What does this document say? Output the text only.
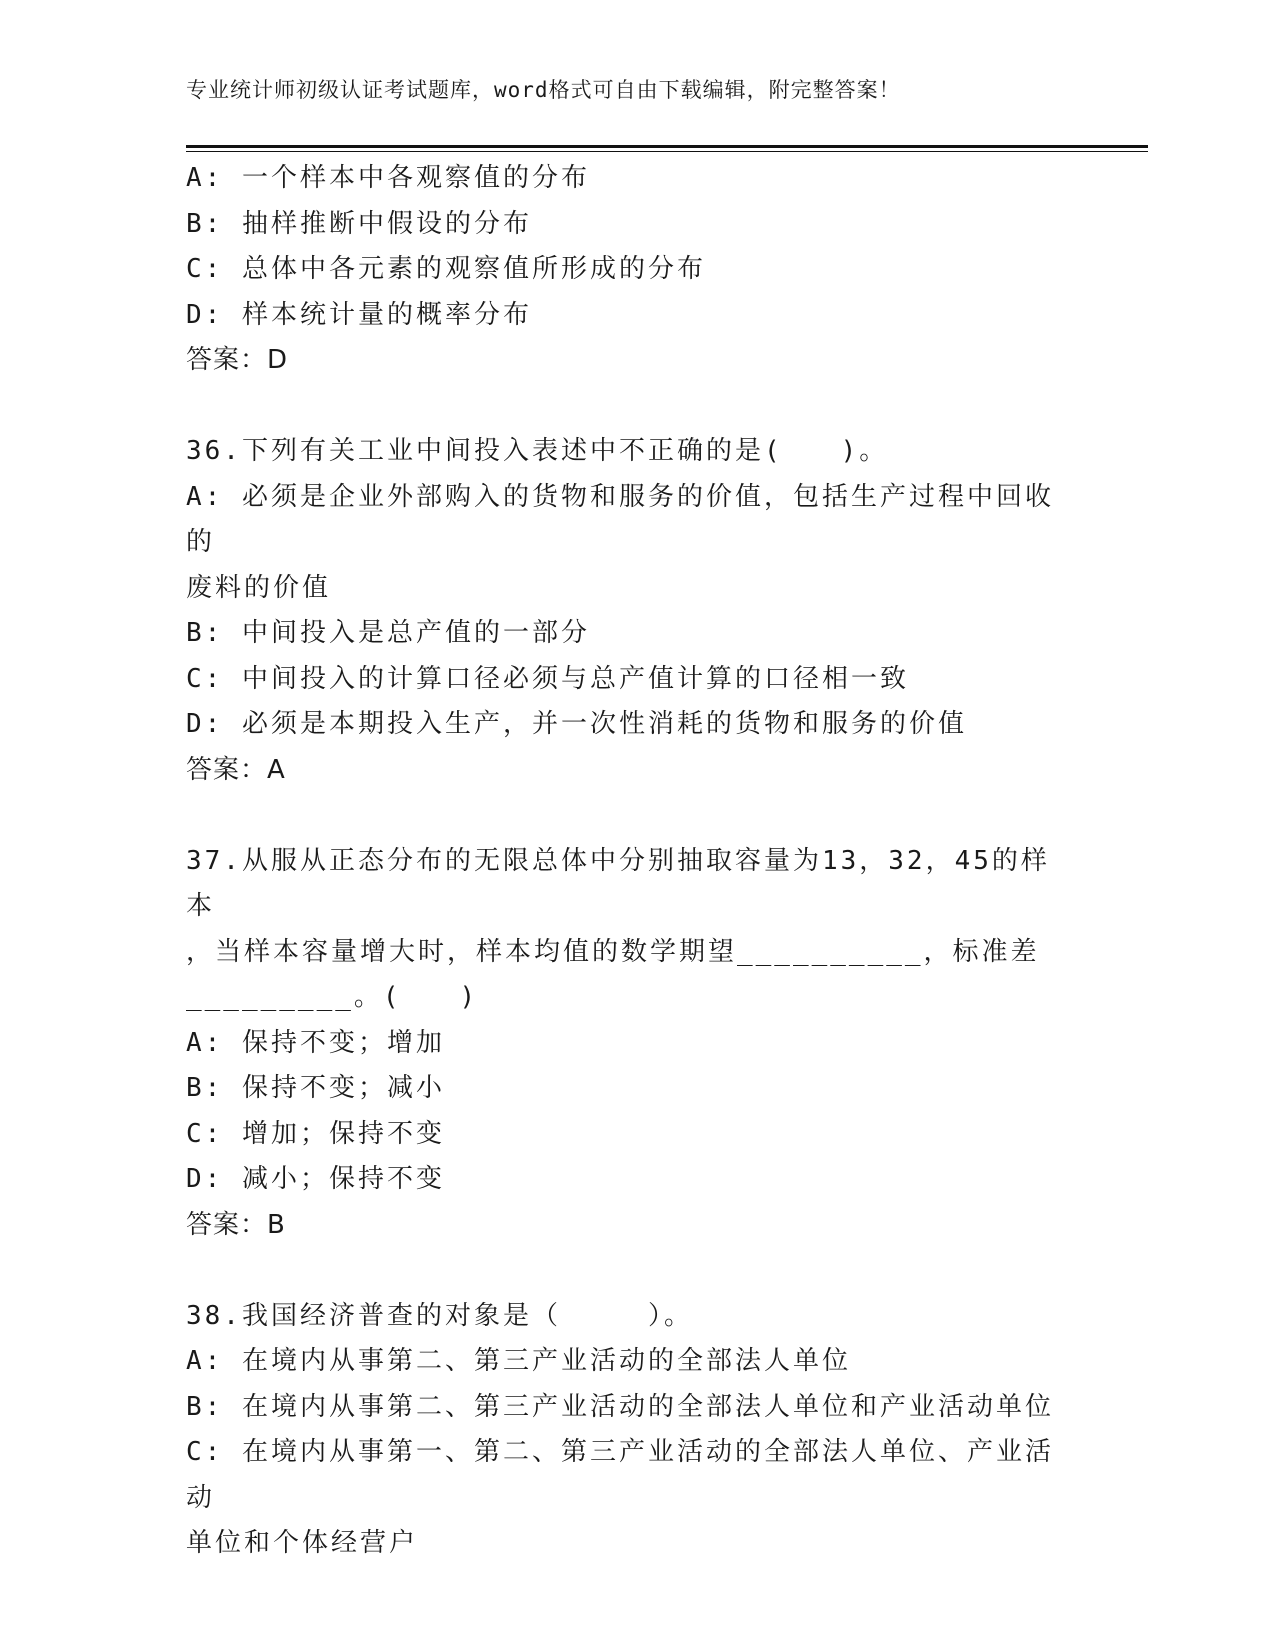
专业统计师初级认证考试题库，word格式可自由下载编辑，附完整答案！
A: 一个样本中各观察值的分布
B: 抽样推断中假设的分布
C: 总体中各元素的观察值所形成的分布
D: 样本统计量的概率分布
答案：D
36.下列有关工业中间投入表述中不正确的是(　　)。
A: 必须是企业外部购入的货物和服务的价值，包括生产过程中回收的
废料的价值
B: 中间投入是总产值的一部分
C: 中间投入的计算口径必须与总产值计算的口径相一致
D: 必须是本期投入生产，并一次性消耗的货物和服务的价值
答案：A
37.从服从正态分布的无限总体中分别抽取容量为13，32，45的样本
，当样本容量增大时，样本均值的数学期望__________，标准差
_________。(　　)
A: 保持不变；增加
B: 保持不变；减小
C: 增加；保持不变
D: 减小；保持不变
答案：B
38.我国经济普查的对象是（　　　）。
A: 在境内从事第二、第三产业活动的全部法人单位
B: 在境内从事第二、第三产业活动的全部法人单位和产业活动单位
C: 在境内从事第一、第二、第三产业活动的全部法人单位、产业活动
单位和个体经营户
